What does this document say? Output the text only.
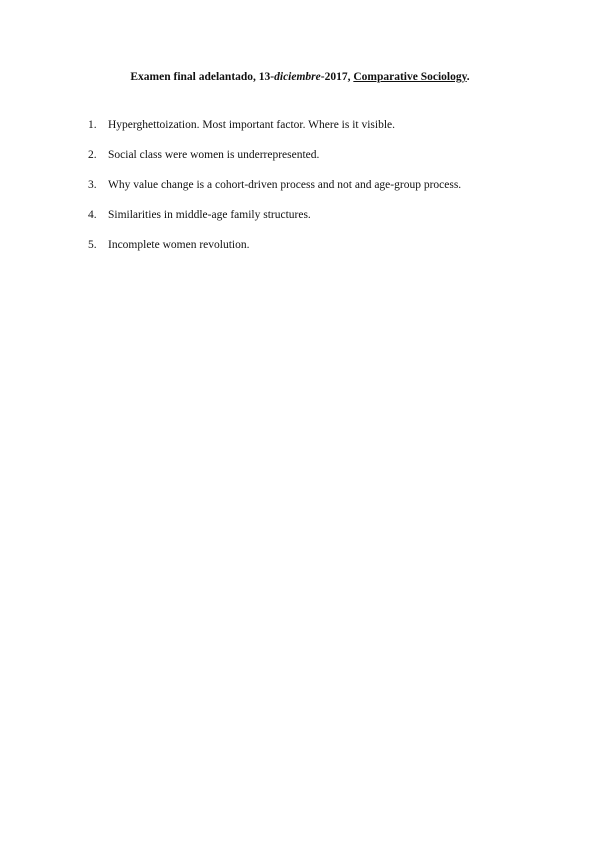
Examen final adelantado, 13-diciembre-2017, Comparative Sociology.
1. Hyperghettoization. Most important factor. Where is it visible.
2. Social class were women is underrepresented.
3. Why value change is a cohort-driven process and not and age-group process.
4. Similarities in middle-age family structures.
5. Incomplete women revolution.
